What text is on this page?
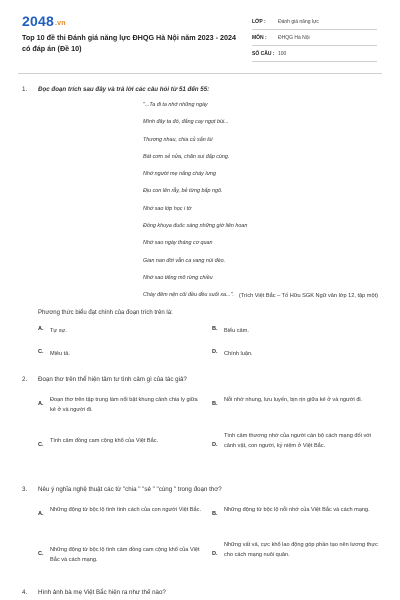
2048.vn
Top 10 đề thi Đánh giá năng lực ĐHQG Hà Nội năm 2023 - 2024 có đáp án (Đề 10)
LỚP :	Đánh giá năng lực
MÔN :	ĐHQG Hà Nội
SỐ CÂU : 100
1. Đọc đoạn trích sau đây và trả lời các câu hỏi từ 51 đến 55:
"...Ta đi ta nhớ những ngày
Mình đây ta đó, đắng cay ngọt bùi...
Thương nhau, chia củ sắn lùi
Bát cơm sẻ nửa, chăn sui đắp cùng.
Nhớ người mẹ nắng cháy lưng
Địu con lên rẫy, bẻ từng bắp ngô.
Nhớ sao lớp học i tờ
Đồng khuya đuốc sáng những giờ liên hoan
Nhớ sao ngày tháng cơ quan
Gian nan đời vẫn ca vang núi đèo.
Nhớ sao tiếng mõ rừng chiều
Chày đêm nện cối đều đều suối xa...". (Trích Việt Bắc – Tố Hữu SGK Ngữ văn lớp 12, tập một)
Phương thức biểu đạt chính của đoạn trích trên là:
A. Tự sự.	B. Biểu cảm.
C. Miêu tả.	D. Chính luận.
2. Đoạn thơ trên thể hiện tâm tư tình cảm gì của tác giả?
A.
Đoạn thơ trên tập trung làm nổi bật khung cảnh chia ly giữa kẻ ở và người đi.
B.
Nỗi nhớ nhung, lưu luyến, bịn rịn giữa kẻ ở và người đi.
C.
Tình cảm đồng cam cộng khổ của Việt Bắc.
D.
Tình cảm thương nhớ của người cán bộ cách mạng đối với cảnh vật, con người, kỷ niệm ở Việt Bắc.
3. Nêu ý nghĩa nghệ thuật các từ "chia " "sẻ " "cùng " trong đoạn thơ?
A.
Những động từ bộc lộ tình tình cách của con người Việt Bắc.
B.
Những động từ bộc lộ nỗi nhớ của Việt Bắc và cách mạng.
C.
Những động từ bộc lộ tình cảm đồng cam cộng khổ của Việt Bắc và cách mạng.
D.
Những vất vả, cực khổ lao động góp phần tạo nên lương thực cho cách mạng nuôi quân.
4. Hình ảnh bà mẹ Việt Bắc hiện ra như thế nào?
